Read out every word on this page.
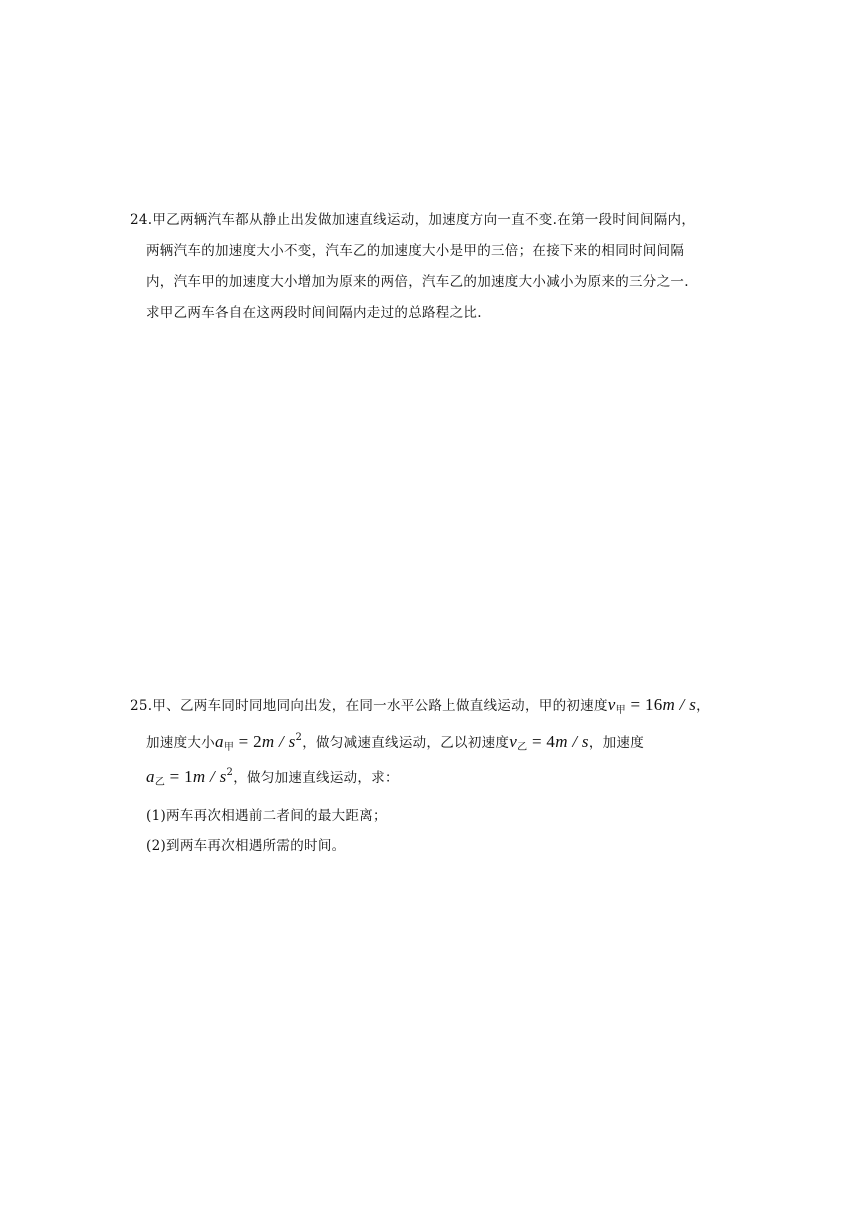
24.甲乙两辆汽车都从静止出发做加速直线运动，加速度方向一直不变.在第一段时间间隔内，
两辆汽车的加速度大小不变，汽车乙的加速度大小是甲的三倍；在接下来的相同时间间隔
内，汽车甲的加速度大小增加为原来的两倍，汽车乙的加速度大小减小为原来的三分之一.
求甲乙两车各自在这两段时间间隔内走过的总路程之比.
25.甲、乙两车同时同地同向出发，在同一水平公路上做直线运动，甲的初速度$v_甲 = 16m / s$，
加速度大小$a_甲 = 2m / s^2$，做匀减速直线运动，乙以初速度$v_乙 = 4m / s$，加速度
$a_乙 = 1m / s^2$，做匀加速直线运动，求：
(1)两车再次相遇前二者间的最大距离；
(2)到两车再次相遇所需的时间。
